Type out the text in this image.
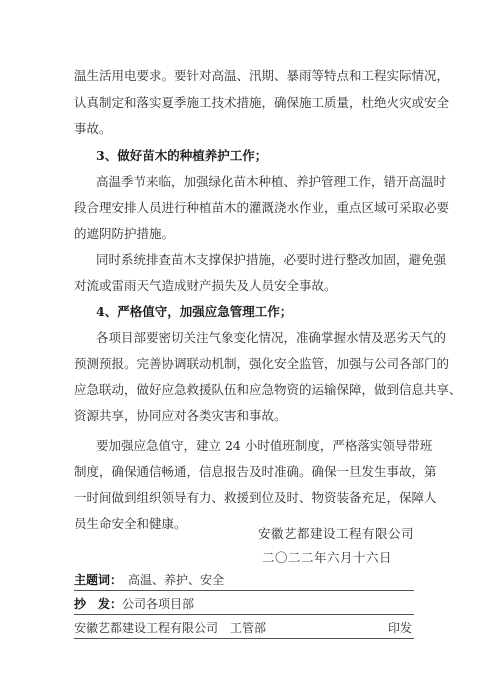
温生活用电要求。要针对高温、汛期、暴雨等特点和工程实际情况，
认真制定和落实夏季施工技术措施，确保施工质量，杜绝火灾或安全
事故。
3、做好苗木的种植养护工作；
高温季节来临，加强绿化苗木种植、养护管理工作，错开高温时
段合理安排人员进行种植苗木的灌溉浇水作业，重点区域可采取必要
的遮阴防护措施。
同时系统排查苗木支撑保护措施，必要时进行整改加固，避免强
对流或雷雨天气造成财产损失及人员安全事故。
4、严格值守，加强应急管理工作；
各项目部要密切关注气象变化情况，准确掌握水情及恶劣天气的
预测预报。完善协调联动机制，强化安全监管，加强与公司各部门的
应急联动，做好应急救援队伍和应急物资的运输保障，做到信息共享、
资源共享，协同应对各类灾害和事故。
要加强应急值守，建立 24 小时值班制度，严格落实领导带班
制度，确保通信畅通，信息报告及时准确。确保一旦发生事故，第
一时间做到组织领导有力、救援到位及时、物资装备充足，保障人
员生命安全和健康。
安徽艺都建设工程有限公司
二〇二二年六月十六日
主题词： 高温、养护、安全
抄　发：公司各项目部
安徽艺都建设工程有限公司　工管部	印发
